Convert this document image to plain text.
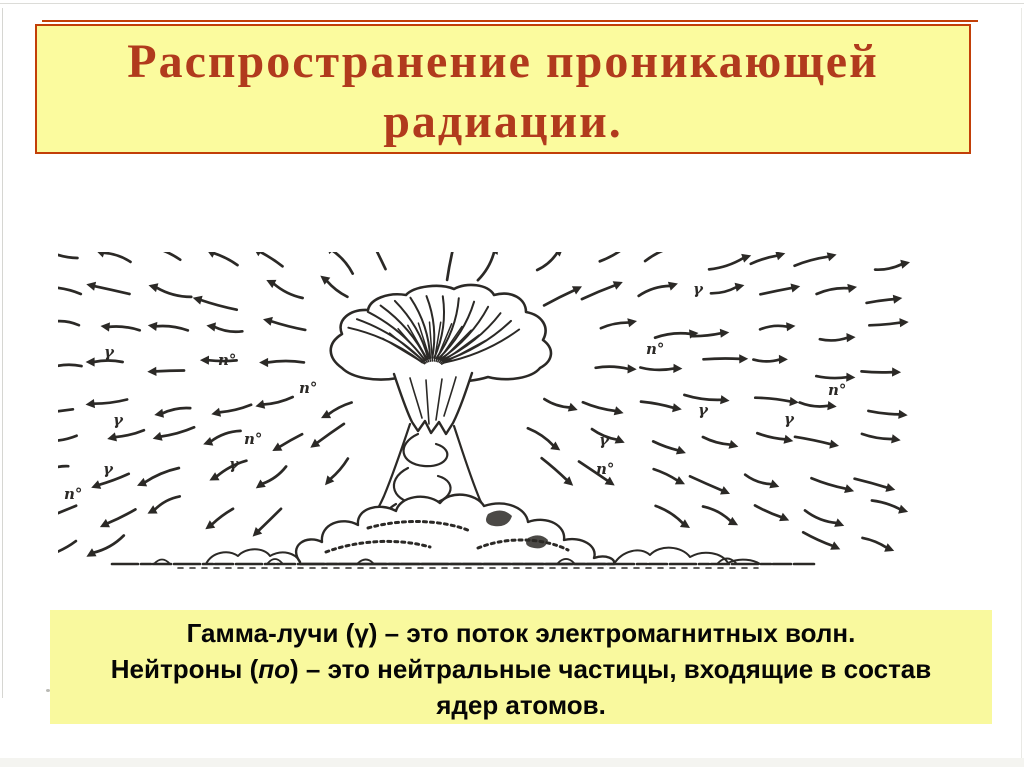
Распространение проникающей
радиации.
γ	n°
n°
γ
n°
γ
γ
n°
γ
n°
n°
γ	γ
γ
n°
Гамма-лучи (γ) – это поток электромагнитных волн.
Нейтроны (по) – это нейтральные частицы, входящие в состав
ядер атомов.
